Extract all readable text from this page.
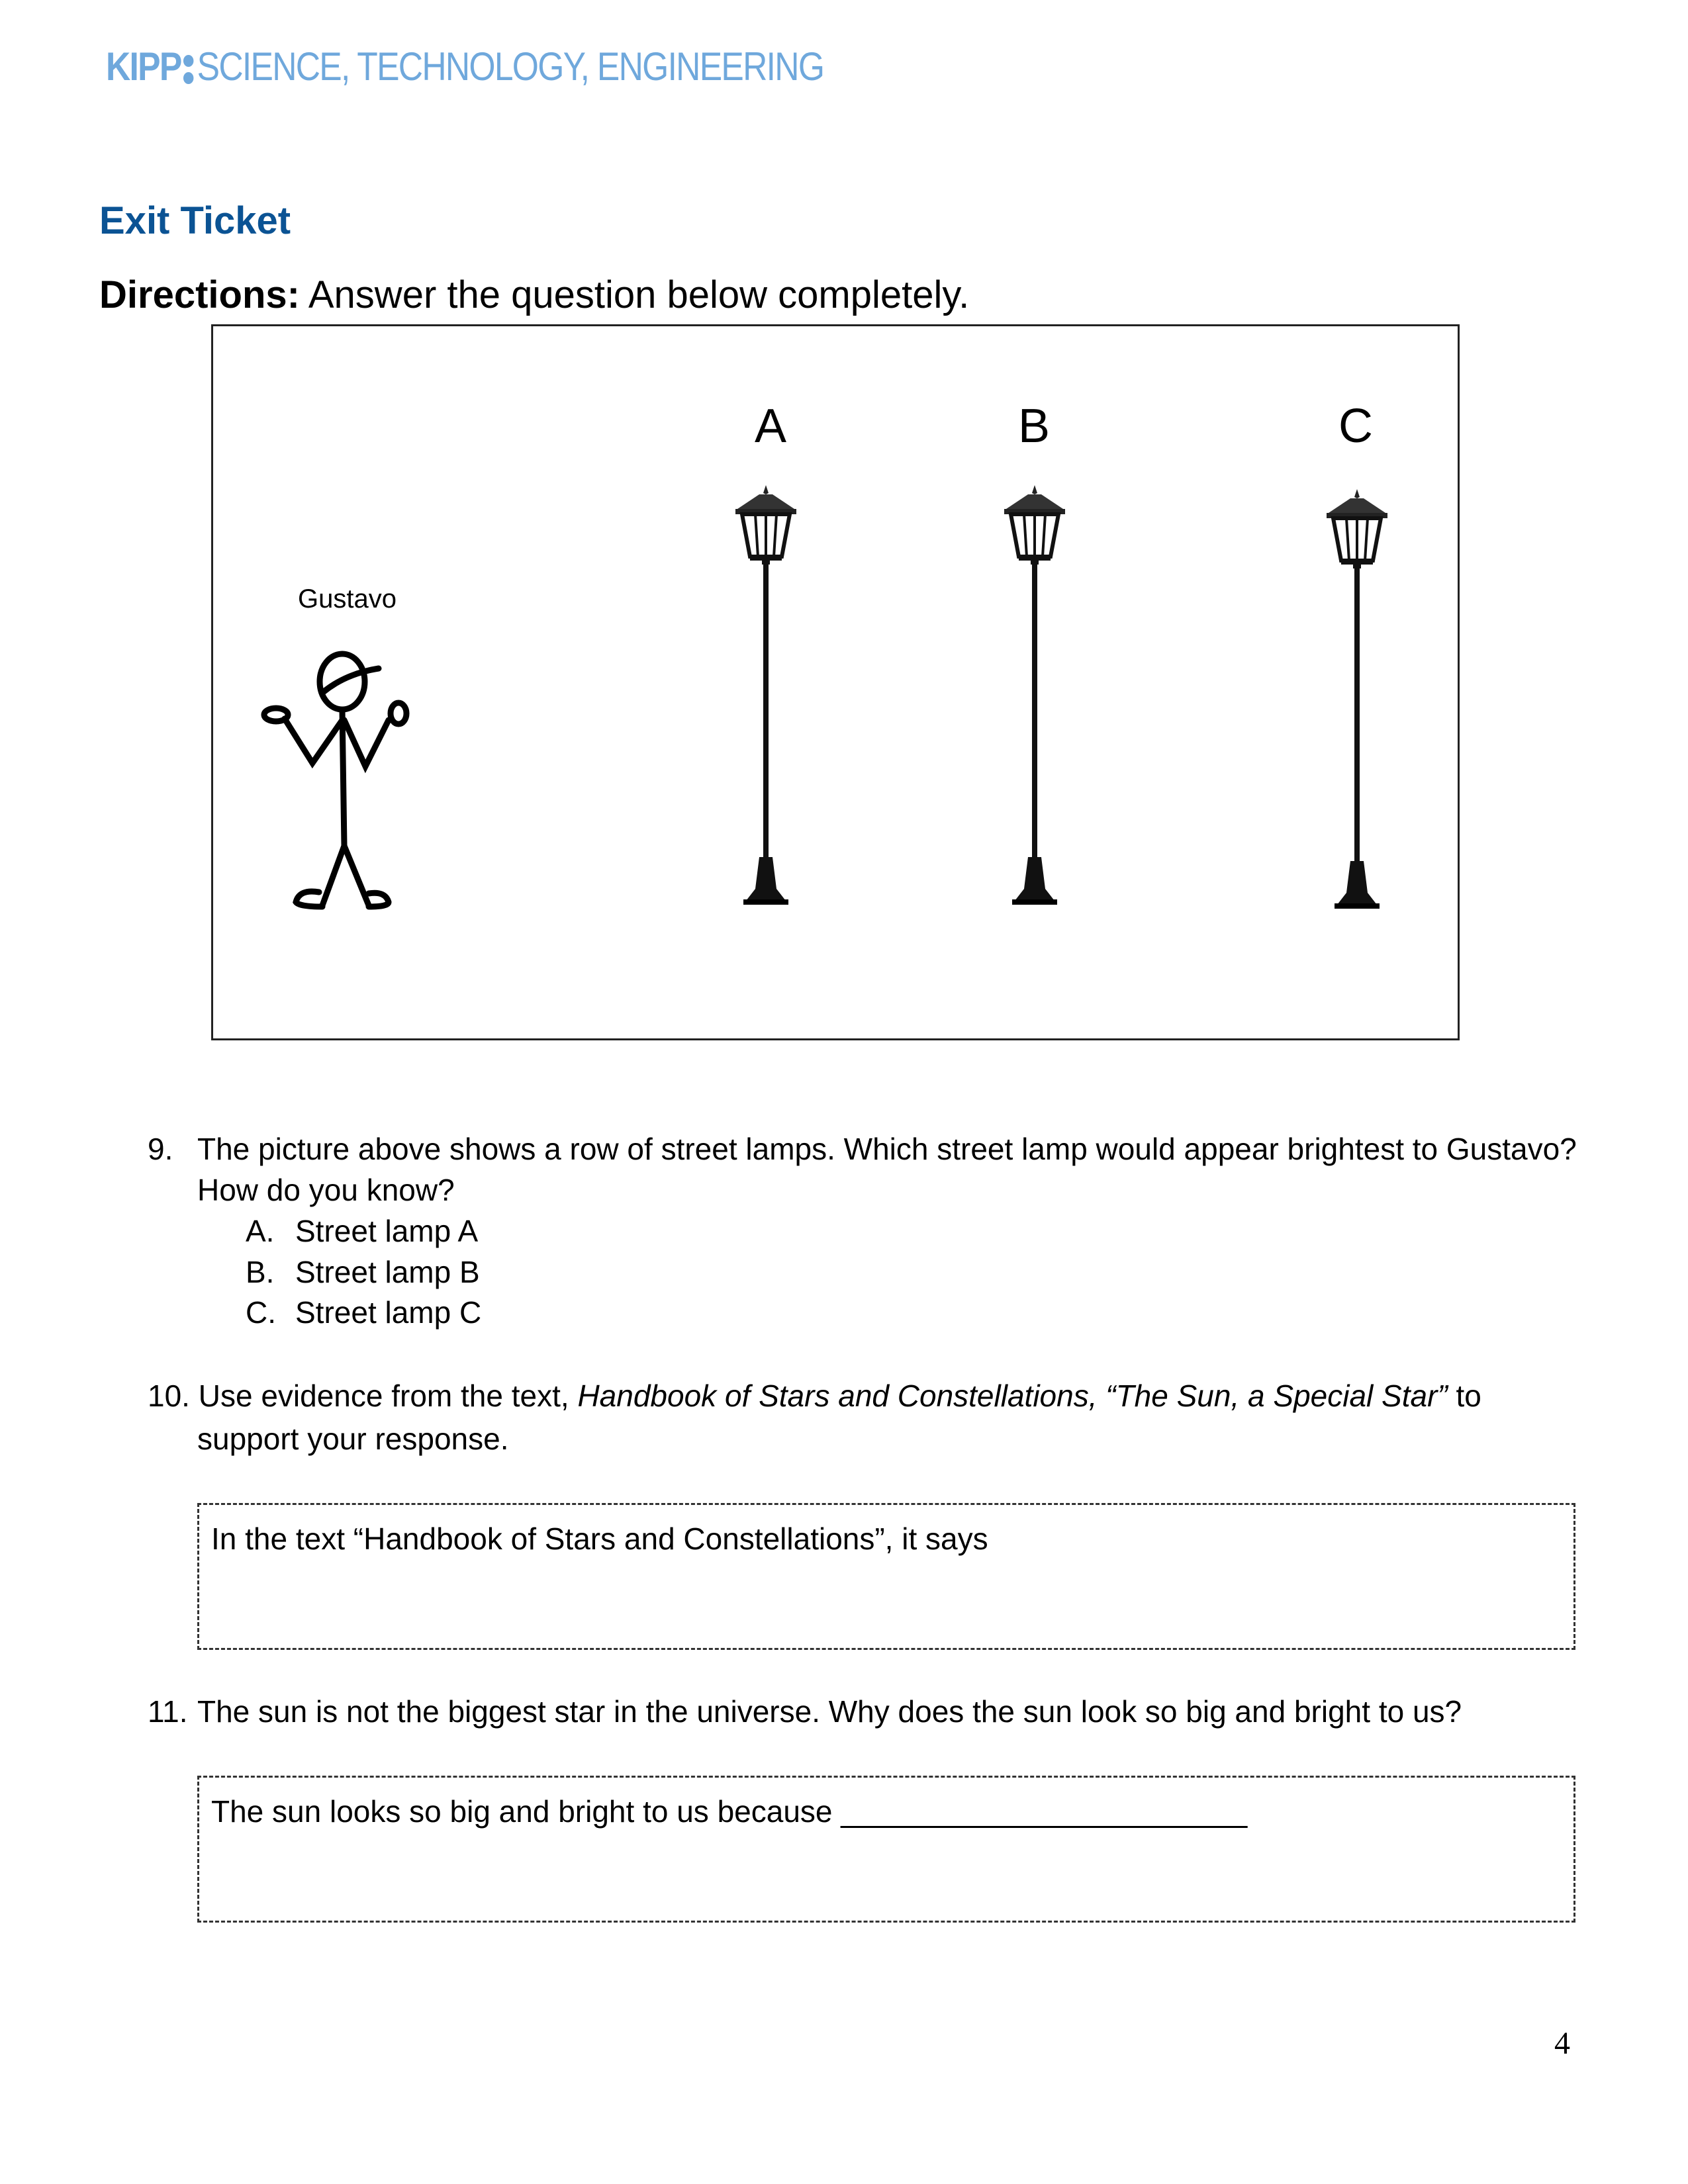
KIPP SCIENCE, TECHNOLOGY, ENGINEERING
Exit Ticket
Directions: Answer the question below completely.
Gustavo
A	B	C
9. The picture above shows a row of street lamps. Which street lamp would appear brightest to Gustavo?
How do you know?
A. Street lamp A
B. Street lamp B
C. Street lamp C
10. Use evidence from the text, Handbook of Stars and Constellations, “The Sun, a Special Star” to
support your response.
In the text “Handbook of Stars and Constellations”, it says
11. The sun is not the biggest star in the universe. Why does the sun look so big and bright to us?
The sun looks so big and bright to us because ________________________
4
